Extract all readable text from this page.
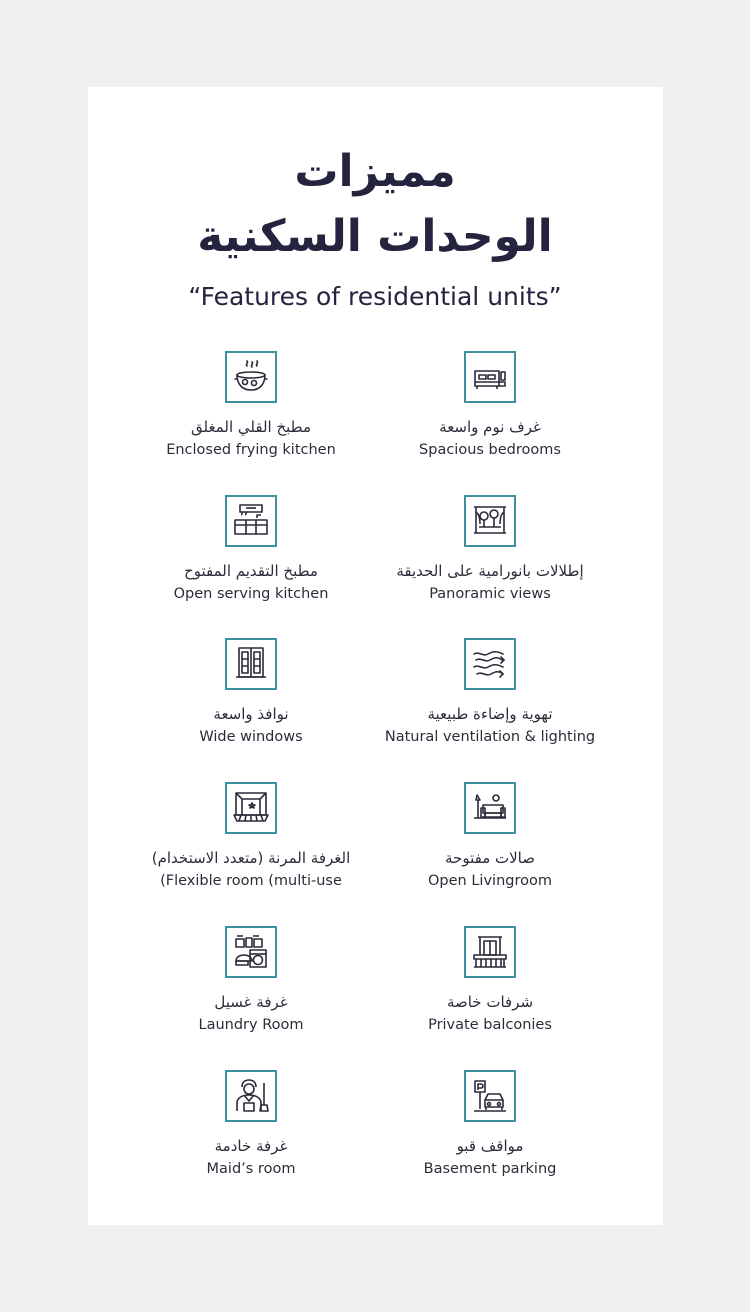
مميزات
الوحدات السكنية
“Features of residential units”
مطبخ القلي المغلق
Enclosed frying kitchen
غرف نوم واسعة
Spacious bedrooms
مطبخ التقديم المفتوح
Open serving kitchen
إطلالات بانورامية على الحديقة
Panoramic views
نوافذ واسعة
Wide windows
تهوية وإضاءة طبيعية
Natural ventilation & lighting
الغرفة المرنة (متعدد الاستخدام)
(Flexible room (multi-use
صالات مفتوحة
Open Livingroom
غرفة غسيل
Laundry Room
شرفات خاصة
Private balconies
غرفة خادمة
Maid’s room
مواقف قبو
Basement parking
